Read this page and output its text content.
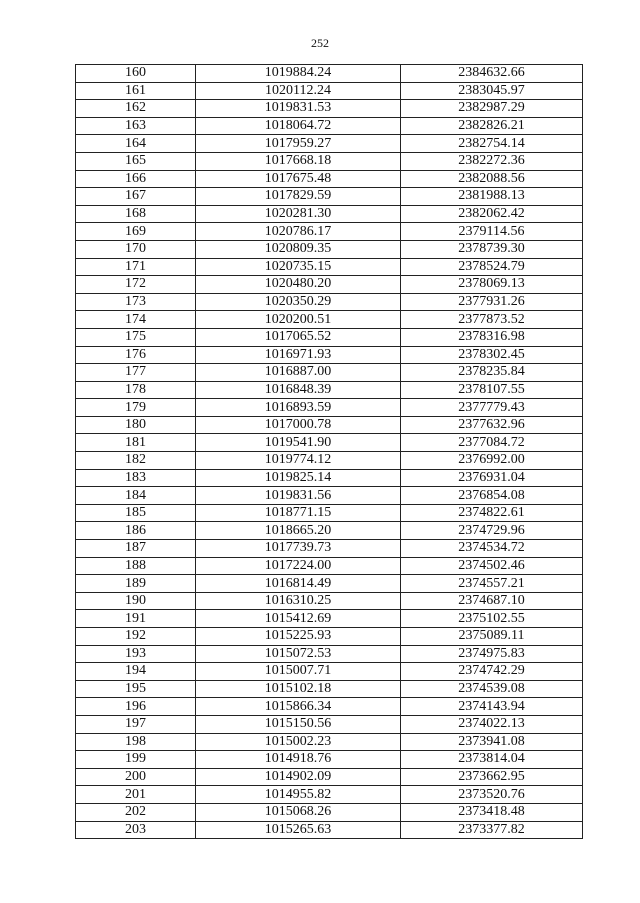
252
160	1019884.24	2384632.66
161	1020112.24	2383045.97
162	1019831.53	2382987.29
163	1018064.72	2382826.21
164	1017959.27	2382754.14
165	1017668.18	2382272.36
166	1017675.48	2382088.56
167	1017829.59	2381988.13
168	1020281.30	2382062.42
169	1020786.17	2379114.56
170	1020809.35	2378739.30
171	1020735.15	2378524.79
172	1020480.20	2378069.13
173	1020350.29	2377931.26
174	1020200.51	2377873.52
175	1017065.52	2378316.98
176	1016971.93	2378302.45
177	1016887.00	2378235.84
178	1016848.39	2378107.55
179	1016893.59	2377779.43
180	1017000.78	2377632.96
181	1019541.90	2377084.72
182	1019774.12	2376992.00
183	1019825.14	2376931.04
184	1019831.56	2376854.08
185	1018771.15	2374822.61
186	1018665.20	2374729.96
187	1017739.73	2374534.72
188	1017224.00	2374502.46
189	1016814.49	2374557.21
190	1016310.25	2374687.10
191	1015412.69	2375102.55
192	1015225.93	2375089.11
193	1015072.53	2374975.83
194	1015007.71	2374742.29
195	1015102.18	2374539.08
196	1015866.34	2374143.94
197	1015150.56	2374022.13
198	1015002.23	2373941.08
199	1014918.76	2373814.04
200	1014902.09	2373662.95
201	1014955.82	2373520.76
202	1015068.26	2373418.48
203	1015265.63	2373377.82
